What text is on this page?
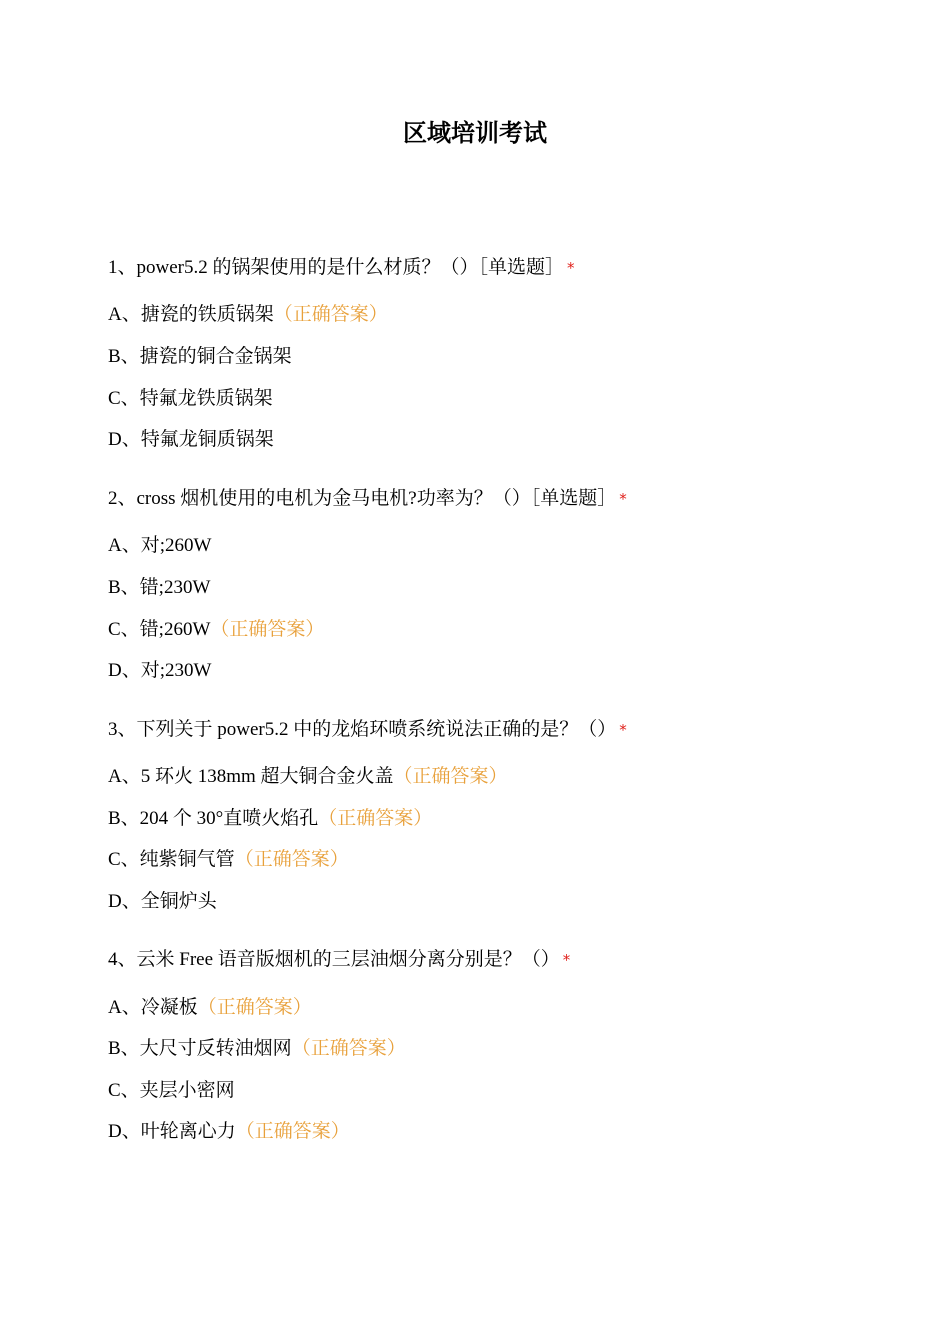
区域培训考试
1、power5.2 的锅架使用的是什么材质？（）［单选题］ *
A、搪瓷的铁质锅架（正确答案）
B、搪瓷的铜合金锅架
C、特氟龙铁质锅架
D、特氟龙铜质锅架
2、cross 烟机使用的电机为金马电机?功率为？（）［单选题］ *
A、对;260W
B、错;230W
C、错;260W（正确答案）
D、对;230W
3、下列关于 power5.2 中的龙焰环喷系统说法正确的是？（） *
A、5 环火 138mm 超大铜合金火盖（正确答案）
B、204 个 30°直喷火焰孔（正确答案）
C、纯紫铜气管（正确答案）
D、全铜炉头
4、云米 Free 语音版烟机的三层油烟分离分别是？（） *
A、冷凝板（正确答案）
B、大尺寸反转油烟网（正确答案）
C、夹层小密网
D、叶轮离心力（正确答案）
